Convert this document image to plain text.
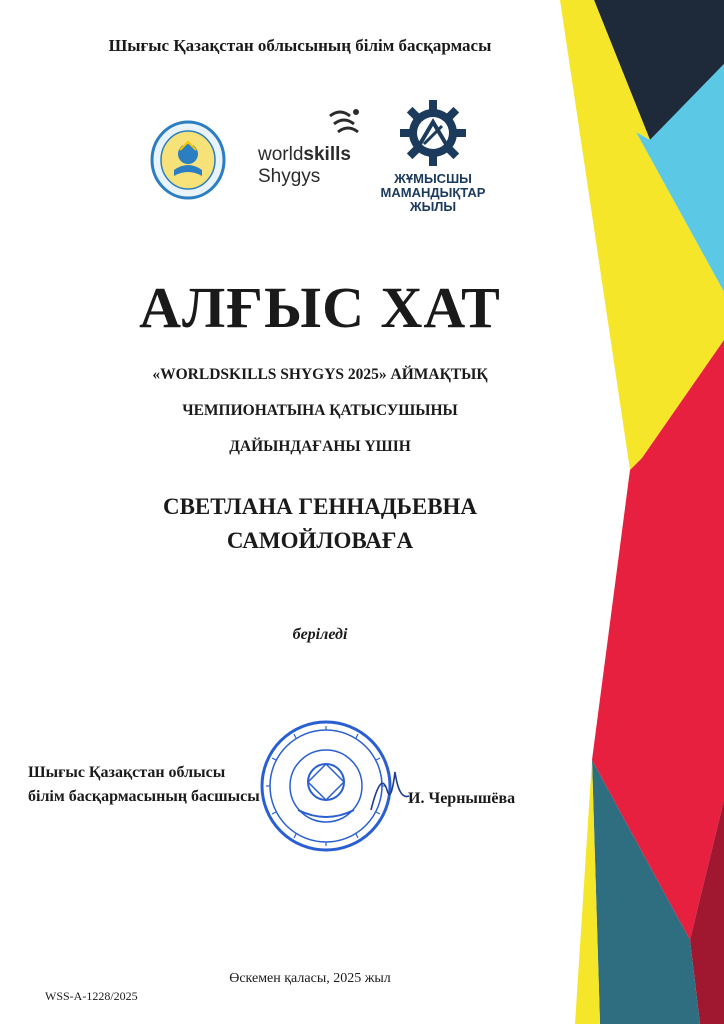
Шығыс Қазақстан облысының білім басқармасы
worldskills
Shygys	ЖҰМЫСШЫ
МАМАНДЫҚТАР
ЖЫЛЫ
АЛҒЫС ХАТ
«WORLDSKILLS SHYGYS 2025» АЙМАҚТЫҚ
ЧЕМПИОНАТЫНА ҚАТЫСУШЫНЫ
ДАЙЫНДАҒАНЫ ҮШІН
СВЕТЛАНА ГЕННАДЬЕВНА
САМОЙЛОВАҒА
беріледі
Шығыс Қазақстан облысы
білім басқармасының басшысы	И. Чернышёва
Өскемен қаласы, 2025 жыл
WSS-A-1228/2025
